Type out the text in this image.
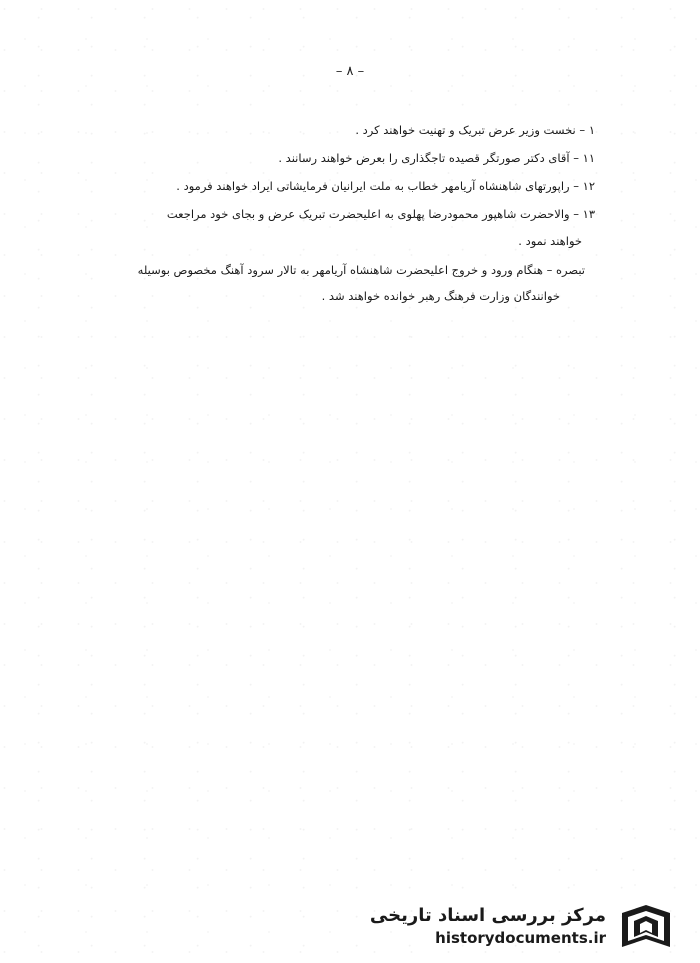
– ۸ –
۱ – نخست وزیر عرض تبریک و تهنیت خواهند کرد .
۱۱ – آقای دکتر صورتگر قصیده تاجگذاری را بعرض خواهند رسانند .
۱۲ – راپورتهای شاهنشاه آریامهر خطاب به ملت ایرانیان فرمایشاتی ایراد خواهند فرمود .
۱۳ – والاحضرت شاهپور محمودرضا پهلوی به اعلیحضرت تبریک عرض و بجای خود مراجعت
خواهند نمود .
تبصره – هنگام ورود و خروج اعلیحضرت شاهنشاه آریامهر به تالار سرود آهنگ مخصوص بوسیله
خوانندگان وزارت فرهنگ رهبر خوانده خواهند شد .
مرکز بررسی اسناد تاریخی
historydocuments.ir
